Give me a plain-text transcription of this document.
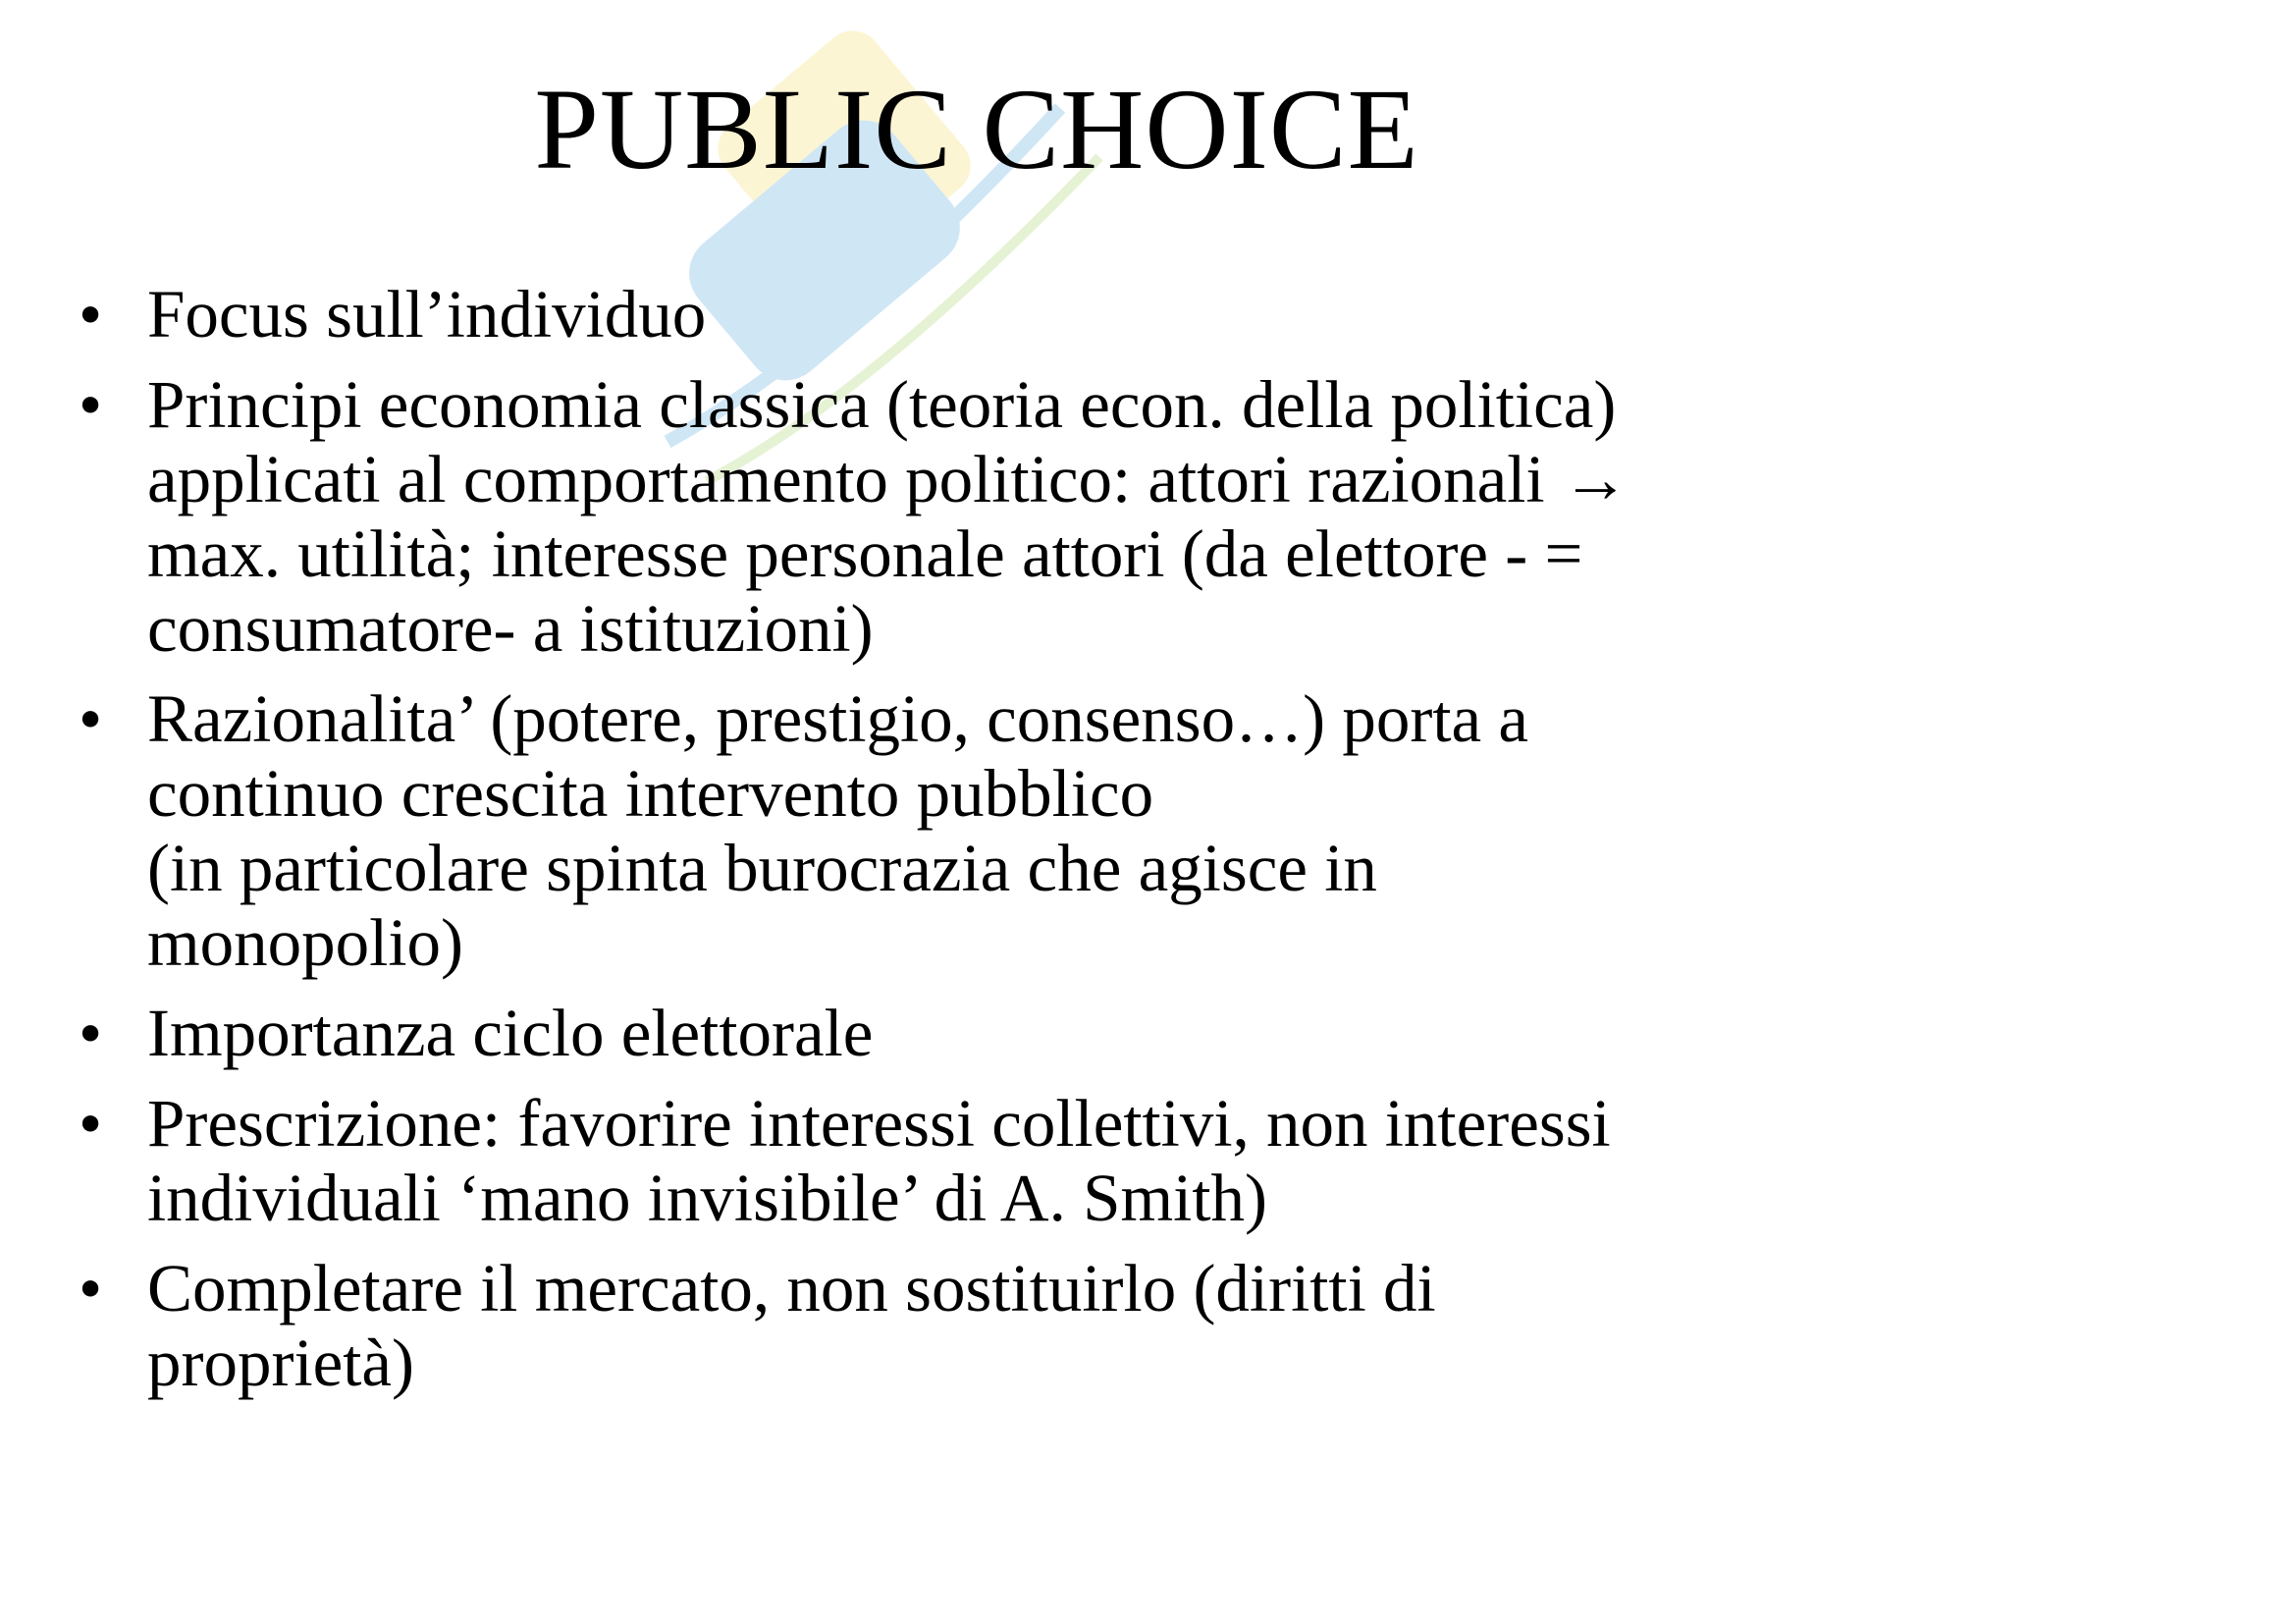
PUBLIC CHOICE
• Focus sull’individuo
• Principi economia classica (teoria econ. della politica)
applicati al comportamento politico: attori razionali →
max. utilità; interesse personale attori (da elettore - =
consumatore- a istituzioni)
• Razionalita’ (potere, prestigio, consenso…) porta a
continuo crescita intervento pubblico
(in particolare spinta burocrazia che agisce in
monopolio)
• Importanza ciclo elettorale
• Prescrizione: favorire interessi collettivi, non interessi
individuali ‘mano invisibile’ di A. Smith)
• Completare il mercato, non sostituirlo (diritti di
proprietà)
